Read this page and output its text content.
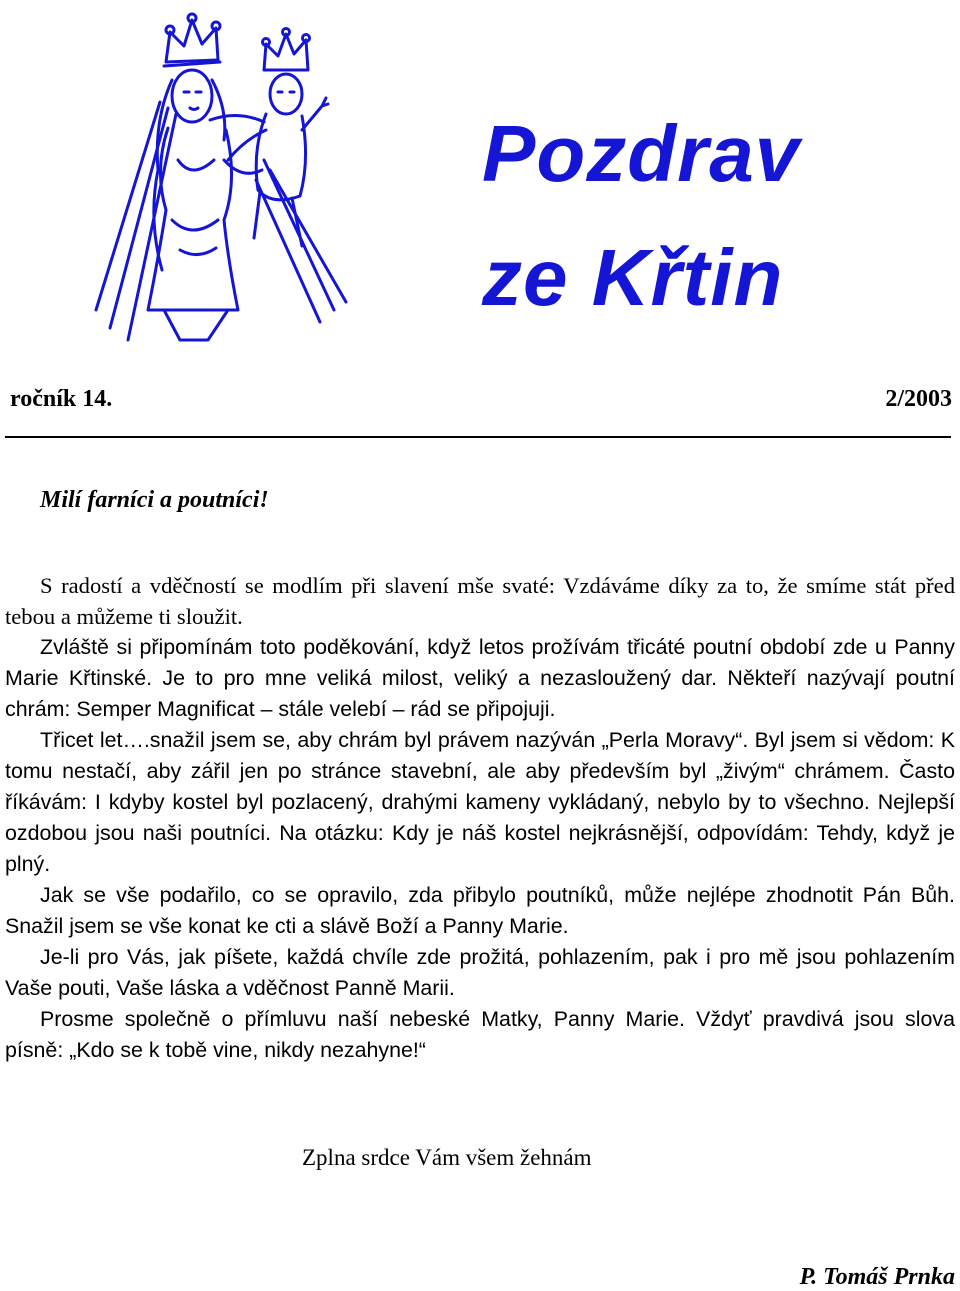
Pozdrav
ze Křtin
ročník 14.	2/2003
Milí farníci a poutníci!

S radostí a vděčností se modlím při slavení mše svaté: Vzdáváme díky za to, že smíme stát před tebou a můžeme ti sloužit.

Zvláště si připomínám toto poděkování, když letos prožívám třicáté poutní období zde u Panny Marie Křtinské. Je to pro mne veliká milost, veliký a nezasloužený dar. Někteří nazývají poutní chrám: Semper Magnificat – stále velebí – rád se připojuji.

Třicet let….snažil jsem se, aby chrám byl právem nazýván „Perla Moravy“. Byl jsem si vědom: K tomu nestačí, aby zářil jen po stránce stavební, ale aby především byl „živým“ chrámem. Často říkávám: I kdyby kostel byl pozlacený, drahými kameny vykládaný, nebylo by to všechno. Nejlepší ozdobou jsou naši poutníci. Na otázku: Kdy je náš kostel nejkrásnější, odpovídám: Tehdy, když je plný.

Jak se vše podařilo, co se opravilo, zda přibylo poutníků, může nejlépe zhodnotit Pán Bůh. Snažil jsem se vše konat ke cti a slávě Boží a Panny Marie.

Je-li pro Vás, jak píšete, každá chvíle zde prožitá, pohlazením, pak i pro mě jsou pohlazením Vaše pouti, Vaše láska a vděčnost Panně Marii.

Prosme společně o přímluvu naší nebeské Matky, Panny Marie. Vždyť pravdivá jsou slova písně: „Kdo se k tobě vine, nikdy nezahyne!“

Zplna srdce Vám všem žehnám
P. Tomáš Prnka
